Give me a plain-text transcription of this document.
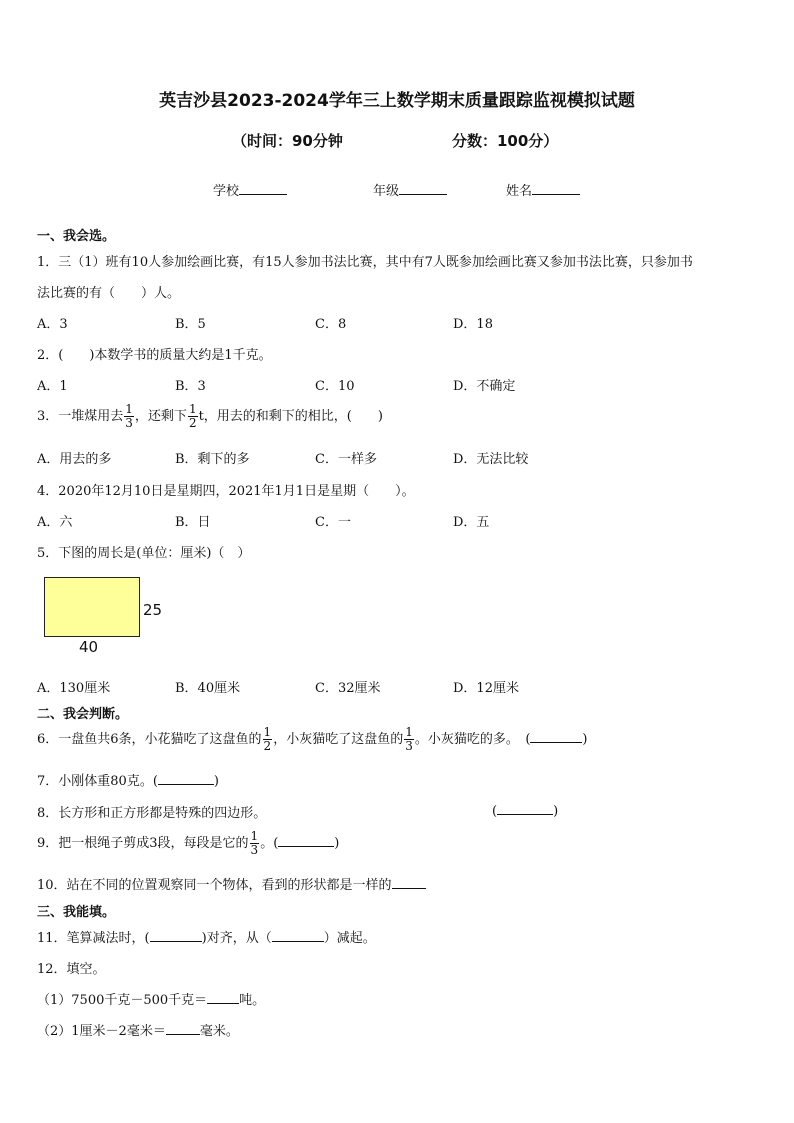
英吉沙县2023-2024学年三上数学期末质量跟踪监视模拟试题
（时间：90分钟	分数：100分）
学校	年级	姓名
一、我会选。
1．三（1）班有10人参加绘画比赛，有15人参加书法比赛，其中有7人既参加绘画比赛又参加书法比赛，只参加书
法比赛的有（　　）人。
A．3	B．5	C．8	D．18
2．(　　)本数学书的质量大约是1千克。
A．1	B．3	C．10	D．不确定
3．一堆煤用去 $\frac{1}{3}$ ，还剩下 $\frac{1}{2}$ t，用去的和剩下的相比，(　　)
A．用去的多	B．剩下的多	C．一样多	D．无法比较
4．2020年12月10日是星期四，2021年1月1日是星期（　　）。
A．六	B．日	C．一	D．五
5．下图的周长是(单位：厘米)（　）
25
40
A．130厘米	B．40厘米	C．32厘米	D．12厘米
二、我会判断。
6．一盘鱼共6条，小花猫吃了这盘鱼的 $\frac{1}{2}$ ，小灰猫吃了这盘鱼的 $\frac{1}{3}$ 。小灰猫吃的多。　(	)
7．小刚体重80克。(	)
8．长方形和正方形都是特殊的四边形。	(	)
9．把一根绳子剪成3段，每段是它的 $\frac{1}{3}$ 。(	)
10．站在不同的位置观察同一个物体，看到的形状都是一样的
三、我能填。
11．笔算减法时，(	)对齐，从（	）减起。
12．填空。
（1）7500千克－500千克＝ 吨。
（2）1厘米－2毫米＝	毫米。
